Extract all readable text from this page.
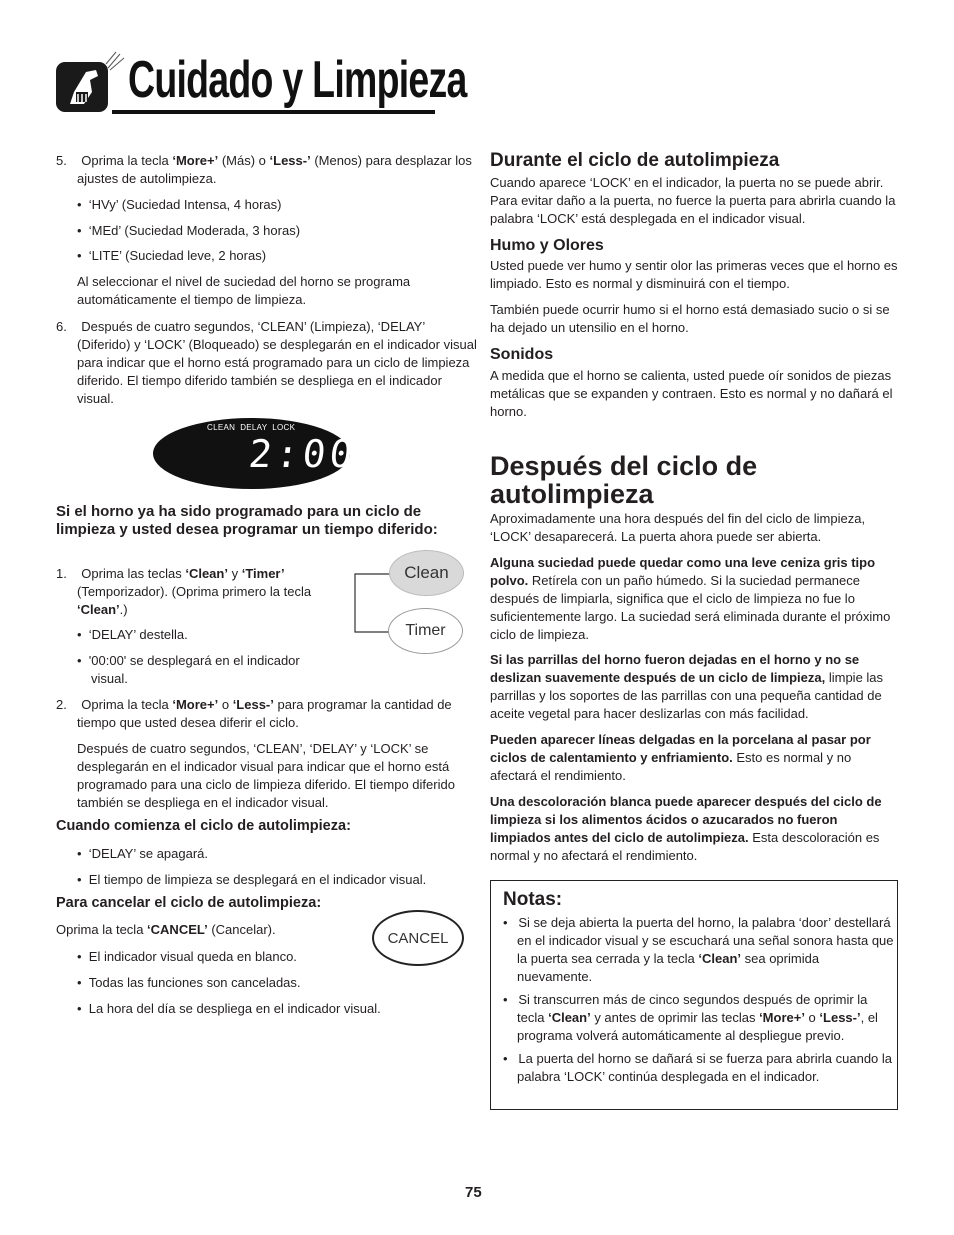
Cuidado y Limpieza
5. Oprima la tecla ‘More+’ (Más) o ‘Less-’ (Menos) para desplazar los ajustes de autolimpieza.
•  ‘HVy’ (Suciedad Intensa, 4 horas)
•  ‘MEd’ (Suciedad Moderada, 3 horas)
•  ‘LITE’ (Suciedad leve, 2 horas)
Al seleccionar el nivel de suciedad del horno se programa automáticamente el tiempo de limpieza.
6. Después de cuatro segundos, ‘CLEAN’ (Limpieza), ‘DELAY’ (Diferido) y ‘LOCK’ (Bloqueado) se desplegarán en el indicador visual para indicar que el horno está programado para un ciclo de limpieza diferido. El tiempo diferido también se despliega en el indicador visual.
CLEAN  DELAY  LOCK
2:00
Si el horno ya ha sido programado para un ciclo de limpieza y usted desea programar un tiempo diferido:
1. Oprima las teclas ‘Clean’ y ‘Timer’ (Temporizador). (Oprima primero la tecla ‘Clean’.)
•  ‘DELAY’ destella.
•  '00:00' se desplegará en el indicador visual.
Clean
Timer
2. Oprima la tecla ‘More+’ o ‘Less-’ para programar la cantidad de tiempo que usted desea diferir el ciclo.
Después de cuatro segundos, ‘CLEAN’, ‘DELAY’ y ‘LOCK’ se desplegarán en el indicador visual para indicar que el horno está programado para una ciclo de limpieza diferido. El tiempo diferido también se despliega en el indicador visual.
Cuando comienza el ciclo de autolimpieza:
•  ‘DELAY’ se apagará.
•  El tiempo de limpieza se desplegará en el indicador visual.
Para cancelar el ciclo de autolimpieza:
Oprima la tecla ‘CANCEL’ (Cancelar).	CANCEL
•  El indicador visual queda en blanco.
•  Todas las funciones son canceladas.
•  La hora del día se despliega en el indicador visual.
Durante el ciclo de autolimpieza
Cuando aparece ‘LOCK’ en el indicador, la puerta no se puede abrir. Para evitar daño a la puerta, no fuerce la puerta para abrirla cuando la palabra ‘LOCK’ está desplegada en el indicador visual.
Humo y Olores
Usted puede ver humo y sentir olor las primeras veces que el horno es limpiado. Esto es normal y disminuirá con el tiempo.
También puede ocurrir humo si el horno está demasiado sucio o si se ha dejado un utensilio en el horno.
Sonidos
A medida que el horno se calienta, usted puede oír sonidos de piezas metálicas que se expanden y contraen. Esto es normal y no dañará el horno.
Después del ciclo de autolimpieza
Aproximadamente una hora después del fin del ciclo de limpieza, ‘LOCK’ desaparecerá. La puerta ahora puede ser abierta.
Alguna suciedad puede quedar como una leve ceniza gris tipo polvo. Retírela con un paño húmedo. Si la suciedad permanece después de limpiarla, significa que el ciclo de limpieza no fue lo suficientemente largo. La suciedad será eliminada durante el próximo ciclo de limpieza.
Si las parrillas del horno fueron dejadas en el horno y no se deslizan suavemente después de un ciclo de limpieza, limpie las parrillas y los soportes de las parrillas con una pequeña cantidad de aceite vegetal para hacer deslizarlas con más facilidad.
Pueden aparecer líneas delgadas en la porcelana al pasar por ciclos de calentamiento y enfriamiento. Esto es normal y no afectará el rendimiento.
Una descoloración blanca puede aparecer después del ciclo de limpieza si los alimentos ácidos o azucarados no fueron limpiados antes del ciclo de autolimpieza. Esta descoloración es normal y no afectará el rendimiento.
Notas:
•   Si se deja abierta la puerta del horno, la palabra ‘door’ destellará en el indicador visual y se escuchará una señal sonora hasta que la puerta sea cerrada y la tecla ‘Clean’ sea oprimida nuevamente.
•   Si transcurren más de cinco segundos después de oprimir la tecla ‘Clean’ y antes de oprimir las teclas ‘More+’ o ‘Less-’, el programa volverá automáticamente al despliegue previo.
•   La puerta del horno se dañará si se fuerza para abrirla cuando la palabra ‘LOCK’ continúa desplegada en el indicador.
75
